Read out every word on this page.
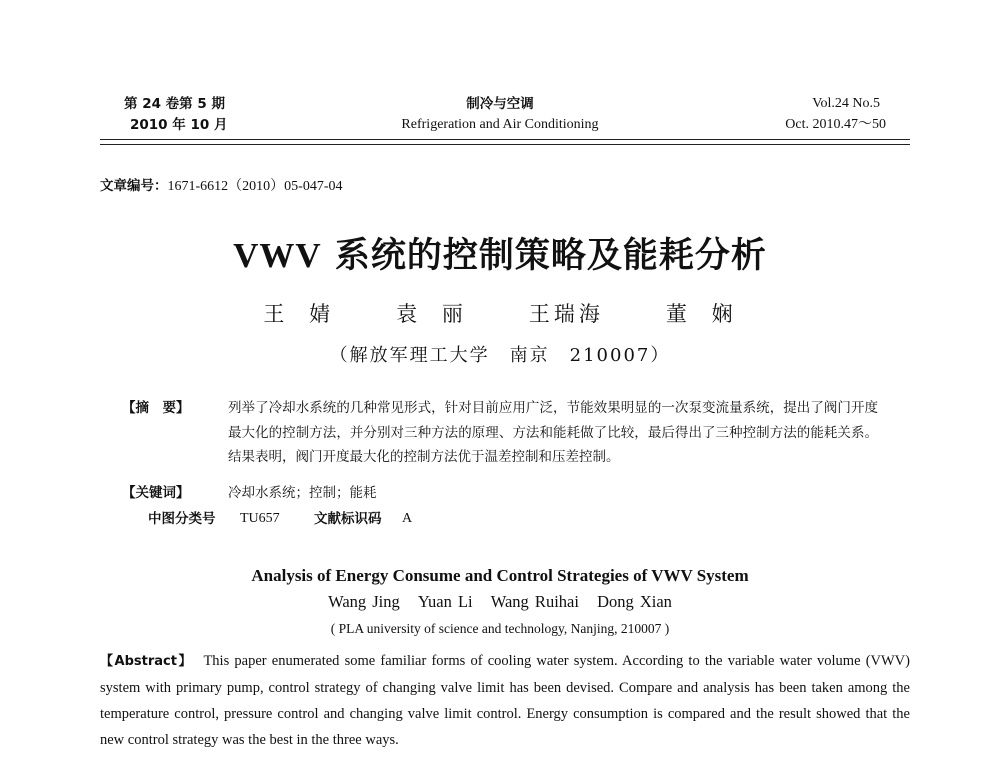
第 24 卷第 5 期
2010 年 10 月
制冷与空调
Refrigeration and Air Conditioning
Vol.24 No.5
Oct. 2010.47～50
文章编号：1671-6612（2010）05-047-04
VWV 系统的控制策略及能耗分析
王 婧	袁 丽	王瑞海	董 娴
（解放军理工大学　南京　210007）
【摘　要】	列举了冷却水系统的几种常见形式，针对目前应用广泛，节能效果明显的一次泵变流量系统，提出了阀门开度最大化的控制方法，并分别对三种方法的原理、方法和能耗做了比较，最后得出了三种控制方法的能耗关系。结果表明，阀门开度最大化的控制方法优于温差控制和压差控制。
【关键词】	冷却水系统；控制；能耗
中图分类号 TU657	文献标识码 A
Analysis of Energy Consume and Control Strategies of VWV System
Wang Jing Yuan Li Wang Ruihai Dong Xian
( PLA university of science and technology, Nanjing, 210007 )
【Abstract】 This paper enumerated some familiar forms of cooling water system. According to the variable water volume (VWV) system with primary pump, control strategy of changing valve limit has been devised. Compare and analysis has been taken among the temperature control, pressure control and changing valve limit control. Energy consumption is compared and the result showed that the new control strategy was the best in the three ways.
